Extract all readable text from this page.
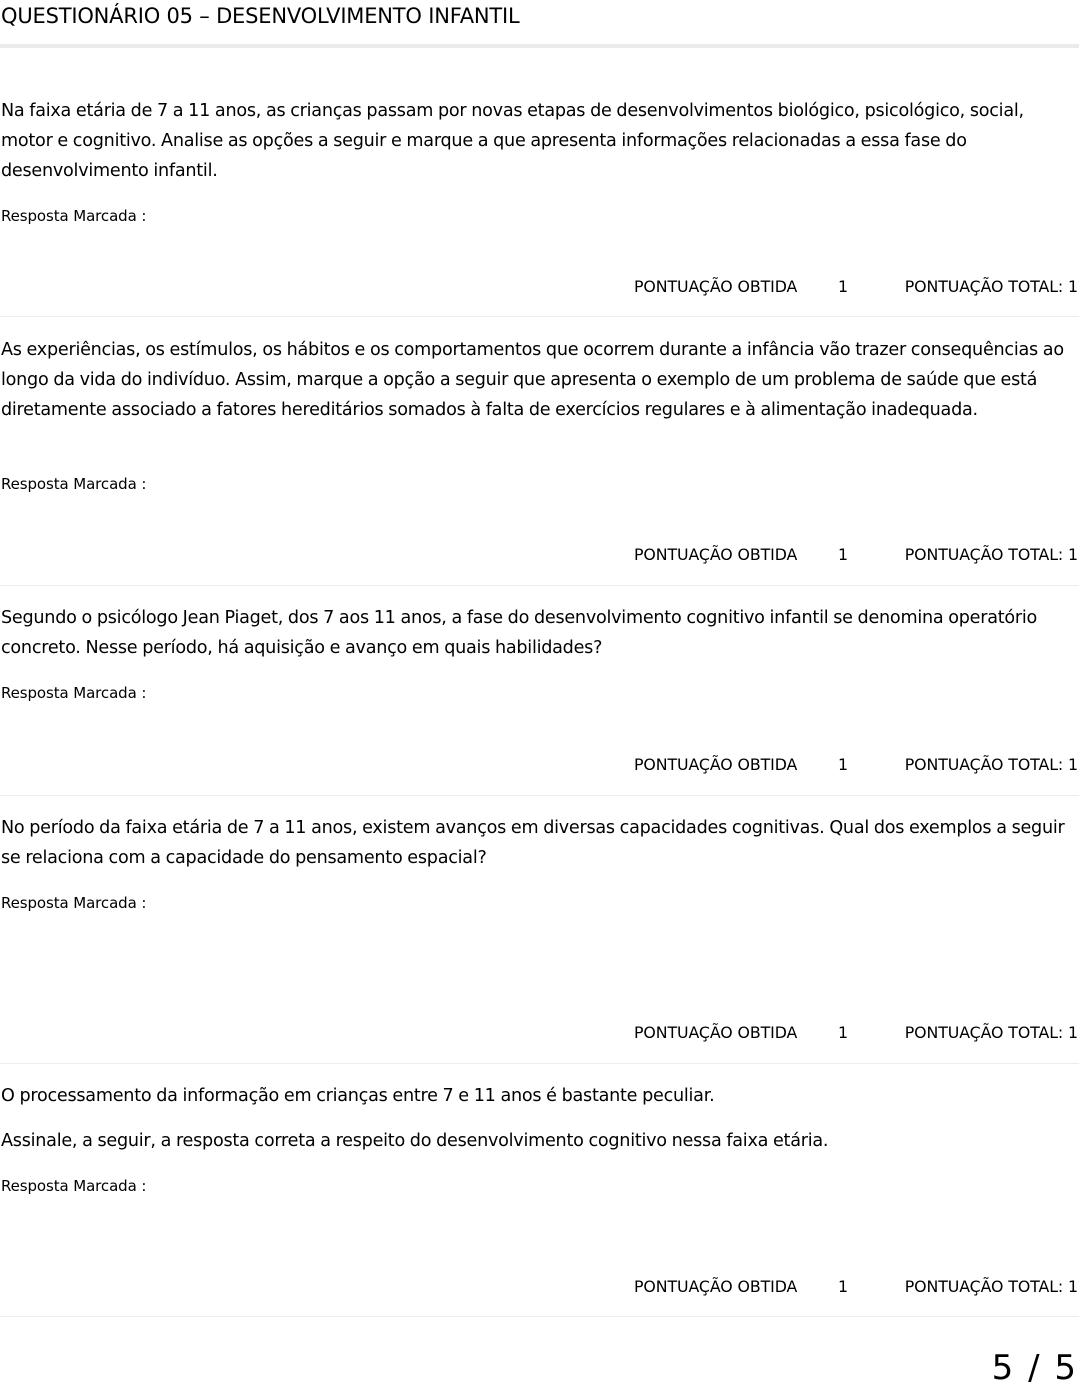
QUESTIONÁRIO 05 – DESENVOLVIMENTO INFANTIL

Na faixa etária de 7 a 11 anos, as crianças passam por novas etapas de desenvolvimentos biológico, psicológico, social, motor e cognitivo. Analise as opções a seguir e marque a que apresenta informações relacionadas a essa fase do desenvolvimento infantil.

Resposta Marcada :
PONTUAÇÃO OBTIDA	1	PONTUAÇÃO TOTAL: 1

As experiências, os estímulos, os hábitos e os comportamentos que ocorrem durante a infância vão trazer consequências ao longo da vida do indivíduo. Assim, marque a opção a seguir que apresenta o exemplo de um problema de saúde que está diretamente associado a fatores hereditários somados à falta de exercícios regulares e à alimentação inadequada.

Resposta Marcada :
PONTUAÇÃO OBTIDA	1	PONTUAÇÃO TOTAL: 1

Segundo o psicólogo Jean Piaget, dos 7 aos 11 anos, a fase do desenvolvimento cognitivo infantil se denomina operatório concreto. Nesse período, há aquisição e avanço em quais habilidades?

Resposta Marcada :
PONTUAÇÃO OBTIDA	1	PONTUAÇÃO TOTAL: 1

No período da faixa etária de 7 a 11 anos, existem avanços em diversas capacidades cognitivas. Qual dos exemplos a seguir se relaciona com a capacidade do pensamento espacial?

Resposta Marcada :
PONTUAÇÃO OBTIDA	1	PONTUAÇÃO TOTAL: 1

O processamento da informação em crianças entre 7 e 11 anos é bastante peculiar.

Assinale, a seguir, a resposta correta a respeito do desenvolvimento cognitivo nessa faixa etária.

Resposta Marcada :
PONTUAÇÃO OBTIDA	1	PONTUAÇÃO TOTAL: 1
5 / 5
